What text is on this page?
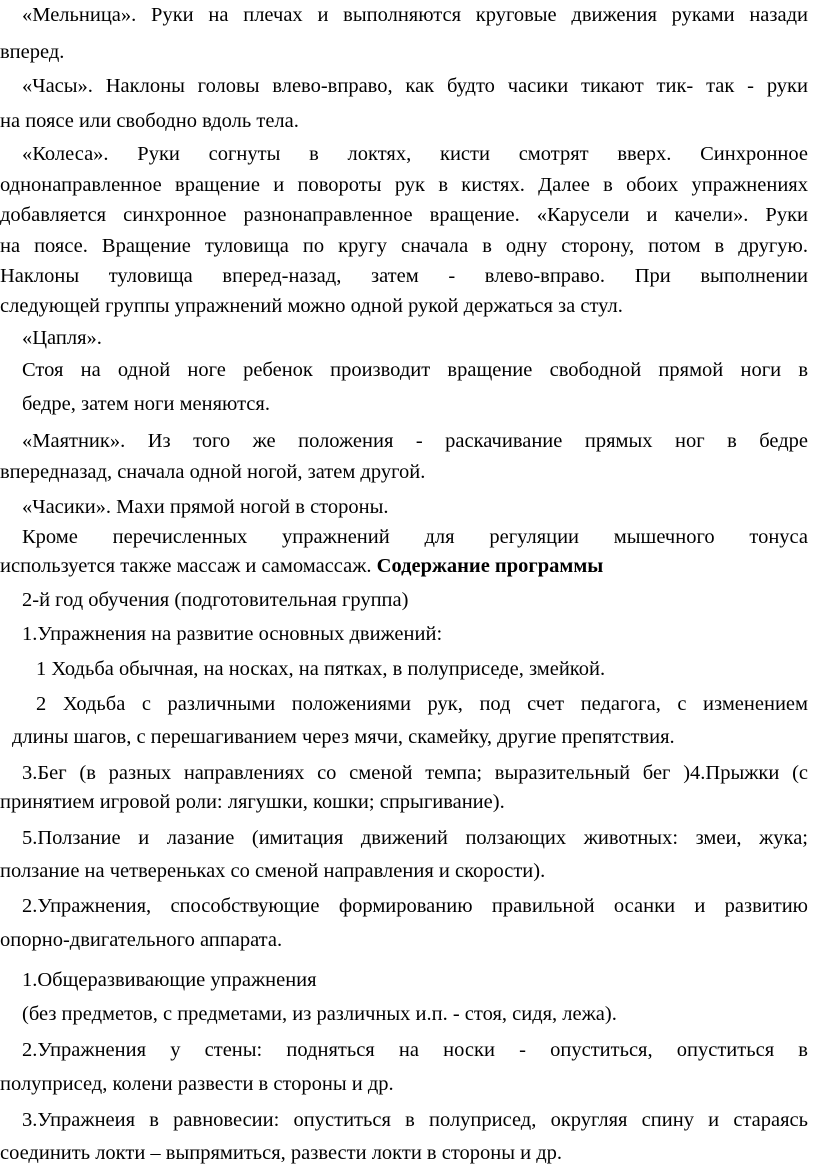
«Мельница». Руки на плечах и выполняются круговые движения руками назади
вперед.
«Часы». Наклоны головы влево-вправо, как будто часики тикают тик- так - руки
на поясе или свободно вдоль тела.
«Колеса». Руки согнуты в локтях, кисти смотрят вверх. Синхронное
однонаправленное вращение и повороты рук в кистях. Далее в обоих упражнениях
добавляется синхронное разнонаправленное вращение. «Карусели и качели». Руки
на поясе. Вращение туловища по кругу сначала в одну сторону, потом в другую.
Наклоны туловища вперед-назад, затем - влево-вправо. При выполнении
следующей группы упражнений можно одной рукой держаться за стул.
«Цапля».
Стоя на одной ноге ребенок производит вращение свободной прямой ноги в
бедре, затем ноги меняются.
«Маятник». Из того же положения - раскачивание прямых ног в бедре
впередназад, сначала одной ногой, затем другой.
«Часики». Махи прямой ногой в стороны.
Кроме перечисленных упражнений для регуляции мышечного тонуса
используется также массаж и самомассаж. Содержание программы
2-й год обучения (подготовительная группа)
1.Упражнения на развитие основных движений:
1 Ходьба обычная, на носках, на пятках, в полуприседе, змейкой.
2 Ходьба с различными положениями рук, под счет педагога, с изменением
длины шагов, с перешагиванием через мячи, скамейку, другие препятствия.
3.Бег (в разных направлениях со сменой темпа; выразительный бег )4.Прыжки (с
принятием игровой роли: лягушки, кошки; спрыгивание).
5.Ползание и лазание (имитация движений ползающих животных: змеи, жука;
ползание на четвереньках со сменой направления и скорости).
2.Упражнения, способствующие формированию правильной осанки и развитию
опорно-двигательного аппарата.
1.Общеразвивающие упражнения
(без предметов, с предметами, из различных и.п. - стоя, сидя, лежа).
2.Упражнения у стены: подняться на носки - опуститься, опуститься в
полуприсед, колени развести в стороны и др.
3.Упражнеия в равновесии: опуститься в полуприсед, округляя спину и стараясь
соединить локти – выпрямиться, развести локти в стороны и др.
